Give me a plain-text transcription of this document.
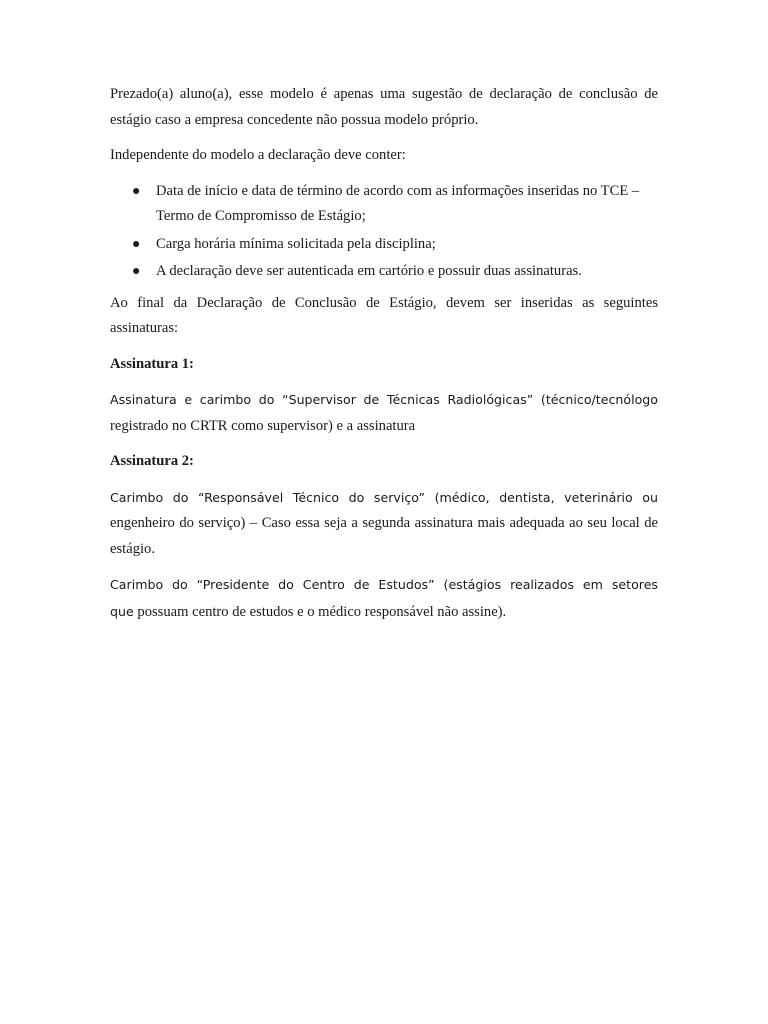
Prezado(a) aluno(a), esse modelo é apenas uma sugestão de declaração de conclusão de estágio caso a empresa concedente não possua modelo próprio.

Independente do modelo a declaração deve conter:

● Data de início e data de término de acordo com as informações inseridas no TCE – Termo de Compromisso de Estágio;
● Carga horária mínima solicitada pela disciplina;
● A declaração deve ser autenticada em cartório e possuir duas assinaturas.

Ao final da Declaração de Conclusão de Estágio, devem ser inseridas as seguintes assinaturas:

Assinatura 1:

Assinatura e carimbo do “Supervisor de Técnicas Radiológicas” (técnico/tecnólogo registrado no CRTR como supervisor) e a assinatura

Assinatura 2:

Carimbo do “Responsável Técnico do serviço” (médico, dentista, veterinário ou engenheiro do serviço) – Caso essa seja a segunda assinatura mais adequada ao seu local de estágio.

Carimbo do “Presidente do Centro de Estudos” (estágios realizados em setores que possuam centro de estudos e o médico responsável não assine).
